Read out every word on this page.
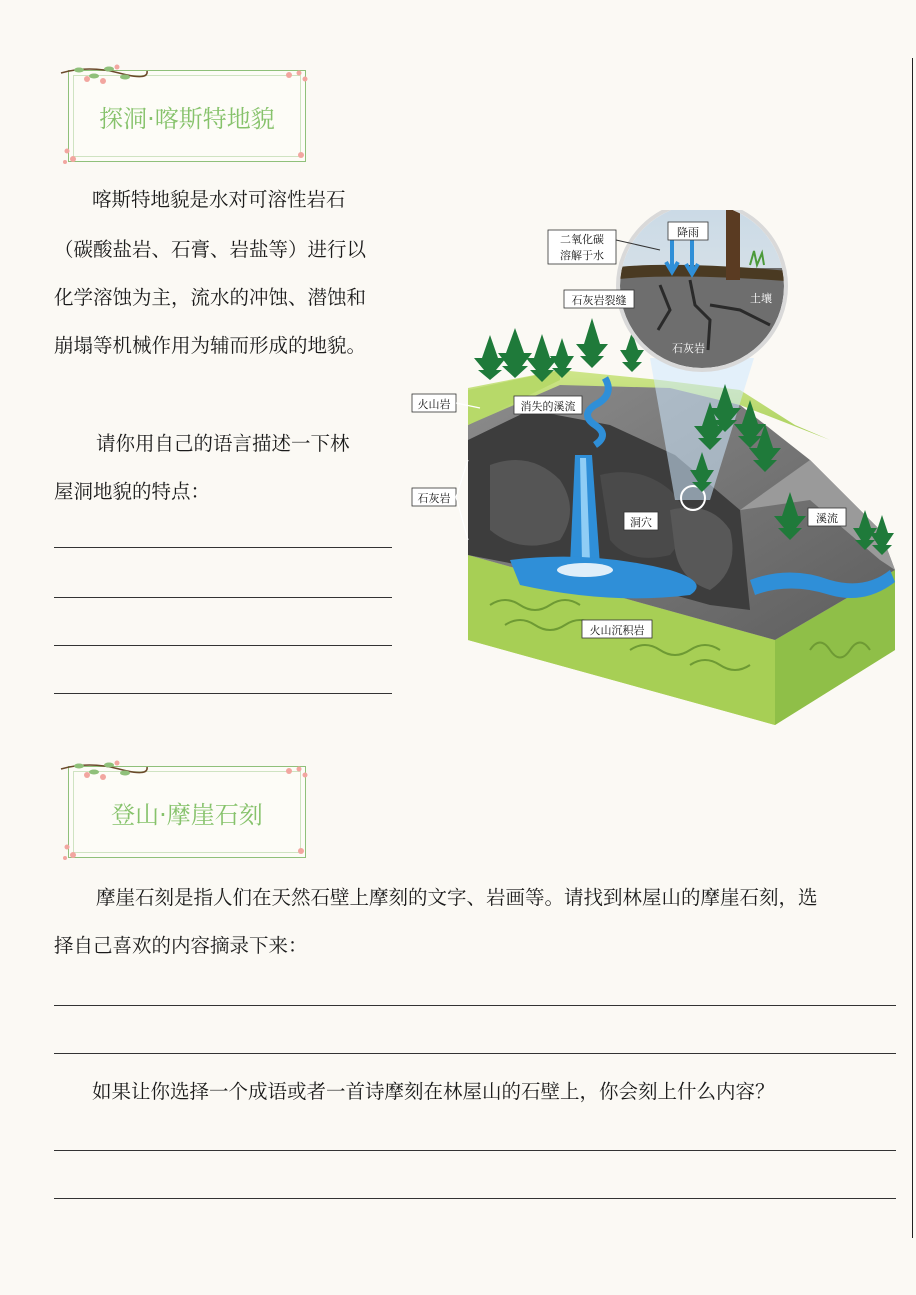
探洞·喀斯特地貌

喀斯特地貌是水对可溶性岩石

（碳酸盐岩、石膏、岩盐等）进行以

化学溶蚀为主，流水的冲蚀、潜蚀和

崩塌等机械作用为辅而形成的地貌。

请你用自己的语言描述一下林

屋洞地貌的特点：

二氧化碳
溶解于水
降雨
石灰岩裂缝	土壤
石灰岩
火山岩	消失的溪流
石灰岩
洞穴	溪流
火山沉积岩
登山·摩崖石刻

摩崖石刻是指人们在天然石壁上摩刻的文字、岩画等。请找到林屋山的摩崖石刻，选

择自己喜欢的内容摘录下来：

如果让你选择一个成语或者一首诗摩刻在林屋山的石壁上，你会刻上什么内容？
